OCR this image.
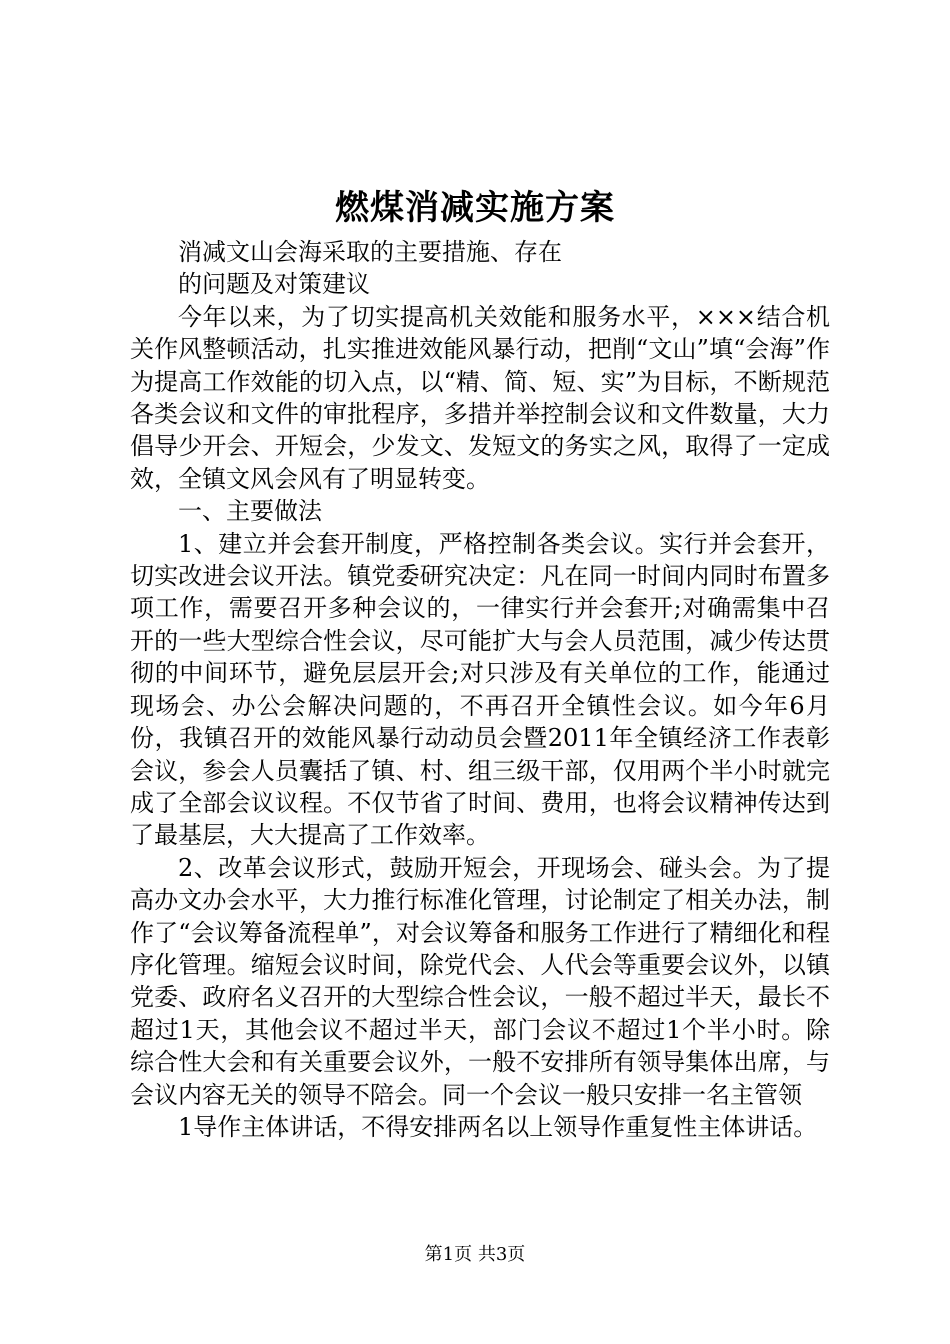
燃煤消减实施方案

消减文山会海采取的主要措施、存在

的问题及对策建议

今年以来，为了切实提高机关效能和服务水平，×××结合机关作风整顿活动，扎实推进效能风暴行动，把削“文山”填“会海”作为提高工作效能的切入点，以“精、简、短、实”为目标，不断规范各类会议和文件的审批程序，多措并举控制会议和文件数量，大力倡导少开会、开短会，少发文、发短文的务实之风，取得了一定成效，全镇文风会风有了明显转变。

一、主要做法

1、建立并会套开制度，严格控制各类会议。实行并会套开，切实改进会议开法。镇党委研究决定：凡在同一时间内同时布置多项工作，需要召开多种会议的，一律实行并会套开;对确需集中召开的一些大型综合性会议，尽可能扩大与会人员范围，减少传达贯彻的中间环节，避免层层开会;对只涉及有关单位的工作，能通过现场会、办公会解决问题的，不再召开全镇性会议。如今年6月份，我镇召开的效能风暴行动动员会暨2011年全镇经济工作表彰会议，参会人员囊括了镇、村、组三级干部，仅用两个半小时就完成了全部会议议程。不仅节省了时间、费用，也将会议精神传达到了最基层，大大提高了工作效率。

2、改革会议形式，鼓励开短会，开现场会、碰头会。为了提高办文办会水平，大力推行标准化管理，讨论制定了相关办法，制作了“会议筹备流程单”，对会议筹备和服务工作进行了精细化和程序化管理。缩短会议时间，除党代会、人代会等重要会议外，以镇党委、政府名义召开的大型综合性会议，一般不超过半天，最长不超过1天，其他会议不超过半天，部门会议不超过1个半小时。除综合性大会和有关重要会议外，一般不安排所有领导集体出席，与会议内容无关的领导不陪会。同一个会议一般只安排一名主管领

1导作主体讲话，不得安排两名以上领导作重复性主体讲话。

第1页 共3页
